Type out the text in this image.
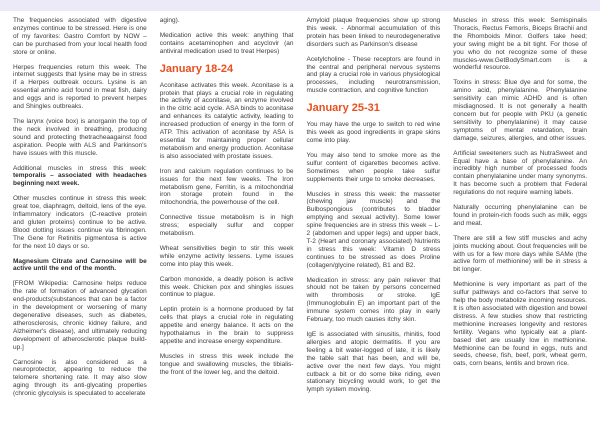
The frequencies associated with digestive enzymes continue to be stressed. Here is one of my favorites: Gastro Comfort by NOW – can be purchased from your local health food store or online.

Herpes frequencies return this week. The internet suggests that lysine may be in stress if a Herpes outbreak occurs. Lysine is an essential amino acid found in meat fish, dairy and eggs and is reported to prevent herpes and Shingles outbreaks.

The larynx (voice box) is anorganin the top of the neck involved in breathing, producing sound and protecting thetracheaagainst food aspiration. People with ALS and Parkinson's have issues with this muscle.

Additional muscles in stress this week: temporalis – associated with headaches beginning next week.

Other muscles continue in stress this week: great toe, diaphragm, deltoid, lens of the eye. Inflammatory indicators (C-reactive protein and gluten proteins) continue to be active. Blood clotting issues continue via fibrinogen. The Gene for Retinitis pigmentosa is active for the next 10 days or so.

Magnesium Citrate and Carnosine will be active until the end of the month.

[FROM Wikipedia: Carnosine helps reduce the rate of formation of advanced glycation end-products(substances that can be a factor in the development or worsening of many degenerative diseases, such as diabetes, atherosclerosis, chronic kidney failure, and Alzheimer's disease), and ultimately reducing development of atherosclerotic plaque build-up.]

Carnosine is also considered as a neuroprotector, appearing to reduce the telomere shortening rate. It may also slow aging through its anti-glycating properties (chronic glycolysis is speculated to accelerate

aging).

Medication active this week: anything that contains acetaminophen and acyclovir (an antiviral medication used to treat Herpes)

January 18-24

Aconitase activates this week. Aconitase is a protein that plays a crucial role in regulating the activity of aconitase, an enzyme involved in the citric acid cycle. ASA binds to aconitase and enhances its catalytic activity, leading to increased production of energy in the form of ATP. This activation of aconitase by ASA is essential for maintaining proper cellular metabolism and energy production. Aconitase is also associated with prostate issues.

Iron and calcium regulation continues to be issues for the next few weeks. The Iron metabolism gene, Ferritin, is a mitochondrial iron storage protein found in the mitochondria, the powerhouse of the cell.

Connective tissue metabolism is in high stress; especially sulfur and copper metabolism.

Wheat sensitivities begin to stir this week while enzyme activity lessens. Lyme issues come into play this week.

Carbon monoxide, a deadly poison is active this week. Chicken pox and shingles issues continue to plague.

Leptin protein is a hormone produced by fat cells that plays a crucial role in regulating appetite and energy balance. It acts on the hypothalamus in the brain to suppress appetite and increase energy expenditure.

Muscles in stress this week include the tongue and swallowing muscles, the tibialis-the front of the lower leg, and the deltoid.

Amyloid plaque frequencies show up strong this week. - Abnormal accumulation of this protein has been linked to neurodegenerative disorders such as Parkinson's disease

Acetylcholine - These receptors are found in the central and peripheral nervous systems and play a crucial role in various physiological processes, including neurotransmission, muscle contraction, and cognitive function

January 25-31

You may have the urge to switch to red wine this week as good ingredients in grape skins come into play.

You may also tend to smoke more as the sulfur content of cigarettes becomes active. Sometimes when people take sulfur supplements their urge to smoke decreases.

Muscles in stress this week: the masseter (chewing jaw muscle) and the Bulbospongious (contributes to bladder emptying and sexual activity). Some lower spine frequencies are in stress this week – L-2 (abdomen and upper legs) and upper back, T-2 (Heart and coronary associated) Nutrients in stress this week: Vitamin D stress continues to be stressed as does Proline (collagen/glycine related), B1 and B2.

Medication in stress: any pain reliever that should not be taken by persons concerned with thrombosis or stroke. IgE (Immunoglobulin E) an important part of the immune system comes into play in early February, too much causes itchy skin.

IgE is associated with sinusitis, rhinitis, food allergies and atopic dermatitis. If you are feeling a bit water-logged of late, it is likely the table salt that has been, and will be, active over the next few days. You might cutback a bit or do some bike riding, even stationary bicycling would work, to get the lymph system moving.

Muscles in stress this week: Semispinalis Thoracis, Rectus Femoris, Biceps Brachii and the Rhomboids Minor. Golfers take heed; your swing might be a bit tight. For those of you who do not recognize some of these muscles-www.GetBodySmart.com is a wonderful resource.

Toxins in stress: Blue dye and for some, the amino acid, phenylalanine. Phenylalanine sensitivity can mimic ADHD and is often misdiagnosed. It is not generally a health concern but for people with PKU (a genetic sensitivity to phenylalanine) it may cause symptoms of mental retardation, brain damage, seizures, allergies, and other issues.

Artificial sweeteners such as NutraSweet and Equal have a base of phenylalanine. An incredibly high number of processed foods contain phenylalanine under many synonyms. It has become such a problem that Federal regulations do not require warning labels.

Naturally occurring phenylalanine can be found in protein-rich foods such as milk, eggs and meat.

There are still a few stiff muscles and achy joints mucking about. Gout frequencies will be with us for a few more days while SAMe (the active form of methionine) will be in stress a bit longer.

Methionine is very important as part of the sulfur pathways and co-factors that serve to help the body metabolize incoming resources. It is often associated with digestion and bowel distress. A few studies show that restricting methionine increases longevity and restores fertility. Vegans who typically eat a plant-based diet are usually low in methionine. Methionine can be found in eggs, nuts and seeds, cheese, fish, beef, pork, wheat germ, oats, corn beans, lentils and brown rice.
